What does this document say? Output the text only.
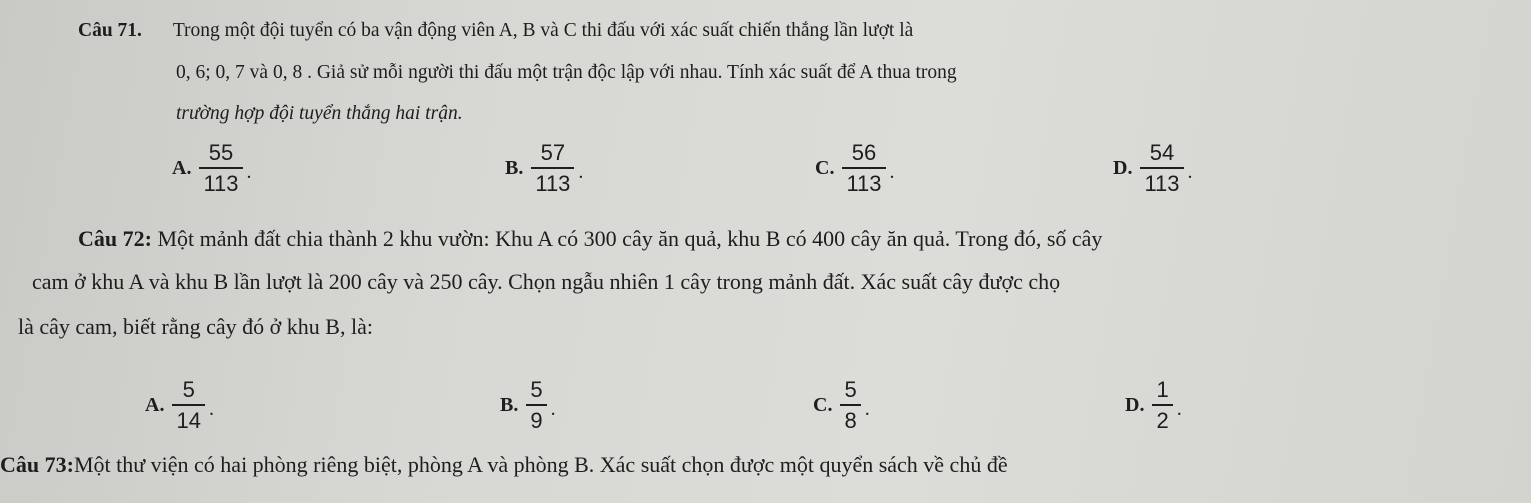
Câu 71. Trong một đội tuyển có ba vận động viên A, B và C thi đấu với xác suất chiến thắng lần lượt là
0, 6; 0, 7 và 0, 8 . Giả sử mỗi người thi đấu một trận độc lập với nhau. Tính xác suất để A thua trong
trường hợp đội tuyển thắng hai trận.
A. $\frac{55}{113}$ .	B. $\frac{57}{113}$ .	C. $\frac{56}{113}$ .	D. $\frac{54}{113}$ .
Câu 72: Một mảnh đất chia thành 2 khu vườn: Khu A có 300 cây ăn quả, khu B có 400 cây ăn quả. Trong đó, số cây
cam ở khu A và khu B lần lượt là 200 cây và 250 cây. Chọn ngẫu nhiên 1 cây trong mảnh đất. Xác suất cây được chọ
là cây cam, biết rằng cây đó ở khu B, là:
A. $\frac{5}{14}$ .	B. $\frac{5}{9}$ .	C. $\frac{5}{8}$ .	D. $\frac{1}{2}$ .
Câu 73:Một thư viện có hai phòng riêng biệt, phòng A và phòng B. Xác suất chọn được một quyển sách về chủ đề
